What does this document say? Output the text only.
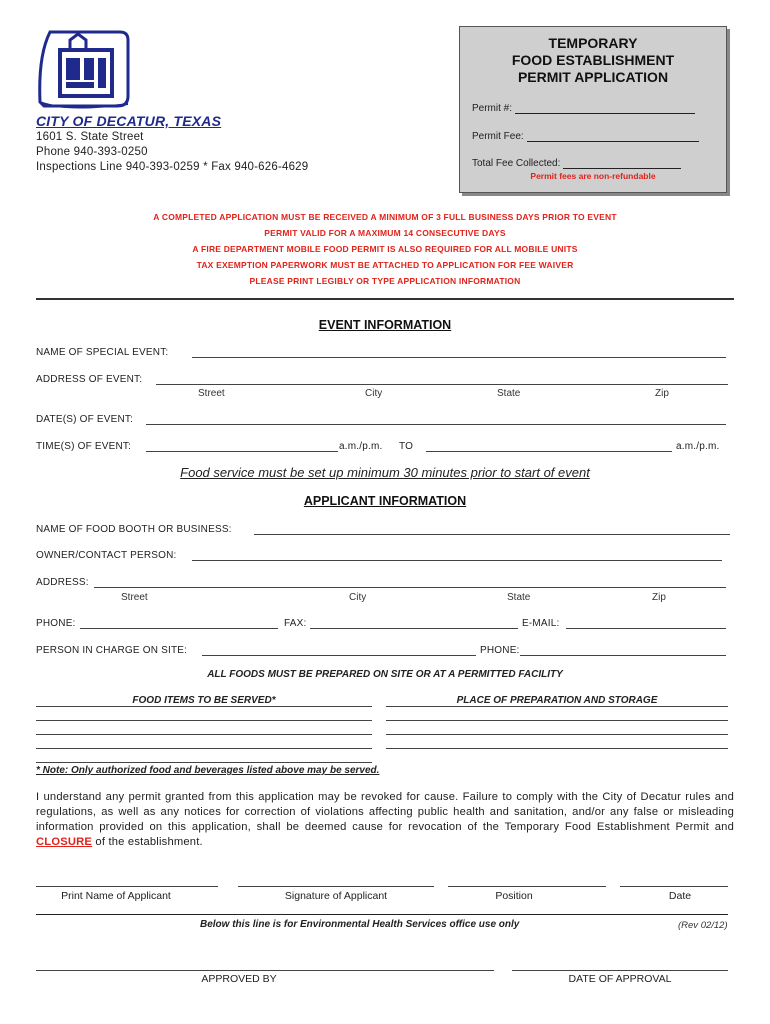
CITY OF DECATUR, TEXAS
1601 S. State Street
Phone 940-393-0250
Inspections Line 940-393-0259 * Fax 940-626-4629
TEMPORARY
FOOD ESTABLISHMENT
PERMIT APPLICATION
Permit #:
Permit Fee:
Total Fee Collected:
Permit fees are non-refundable
A COMPLETED APPLICATION MUST BE RECEIVED A MINIMUM OF 3 FULL BUSINESS DAYS PRIOR TO EVENT
PERMIT VALID FOR A MAXIMUM 14 CONSECUTIVE DAYS
A FIRE DEPARTMENT MOBILE FOOD PERMIT IS ALSO REQUIRED FOR ALL MOBILE UNITS
TAX EXEMPTION PAPERWORK MUST BE ATTACHED TO APPLICATION FOR FEE WAIVER
PLEASE PRINT LEGIBLY OR TYPE APPLICATION INFORMATION
EVENT INFORMATION
NAME OF SPECIAL EVENT:
ADDRESS OF EVENT:
Street	City	State	Zip
DATE(S) OF EVENT:
TIME(S) OF EVENT:	a.m./p.m. TO	a.m./p.m.
Food service must be set up minimum 30 minutes prior to start of event
APPLICANT INFORMATION
NAME OF FOOD BOOTH OR BUSINESS:
OWNER/CONTACT PERSON:
ADDRESS:
Street	City	State	Zip
PHONE:	FAX:	E-MAIL:
PERSON IN CHARGE ON SITE:	PHONE:
ALL FOODS MUST BE PREPARED ON SITE OR AT A PERMITTED FACILITY
FOOD ITEMS TO BE SERVED*	PLACE OF PREPARATION AND STORAGE
* Note: Only authorized food and beverages listed above may be served.
I understand any permit granted from this application may be revoked for cause. Failure to comply with the City of Decatur rules and regulations, as well as any notices for correction of violations affecting public health and sanitation, and/or any false or misleading information provided on this application, shall be deemed cause for revocation of the Temporary Food Establishment Permit and CLOSURE of the establishment.
Print Name of Applicant	Signature of Applicant	Position	Date
Below this line is for Environmental Health Services office use only	(Rev 02/12)
APPROVED BY	DATE OF APPROVAL
